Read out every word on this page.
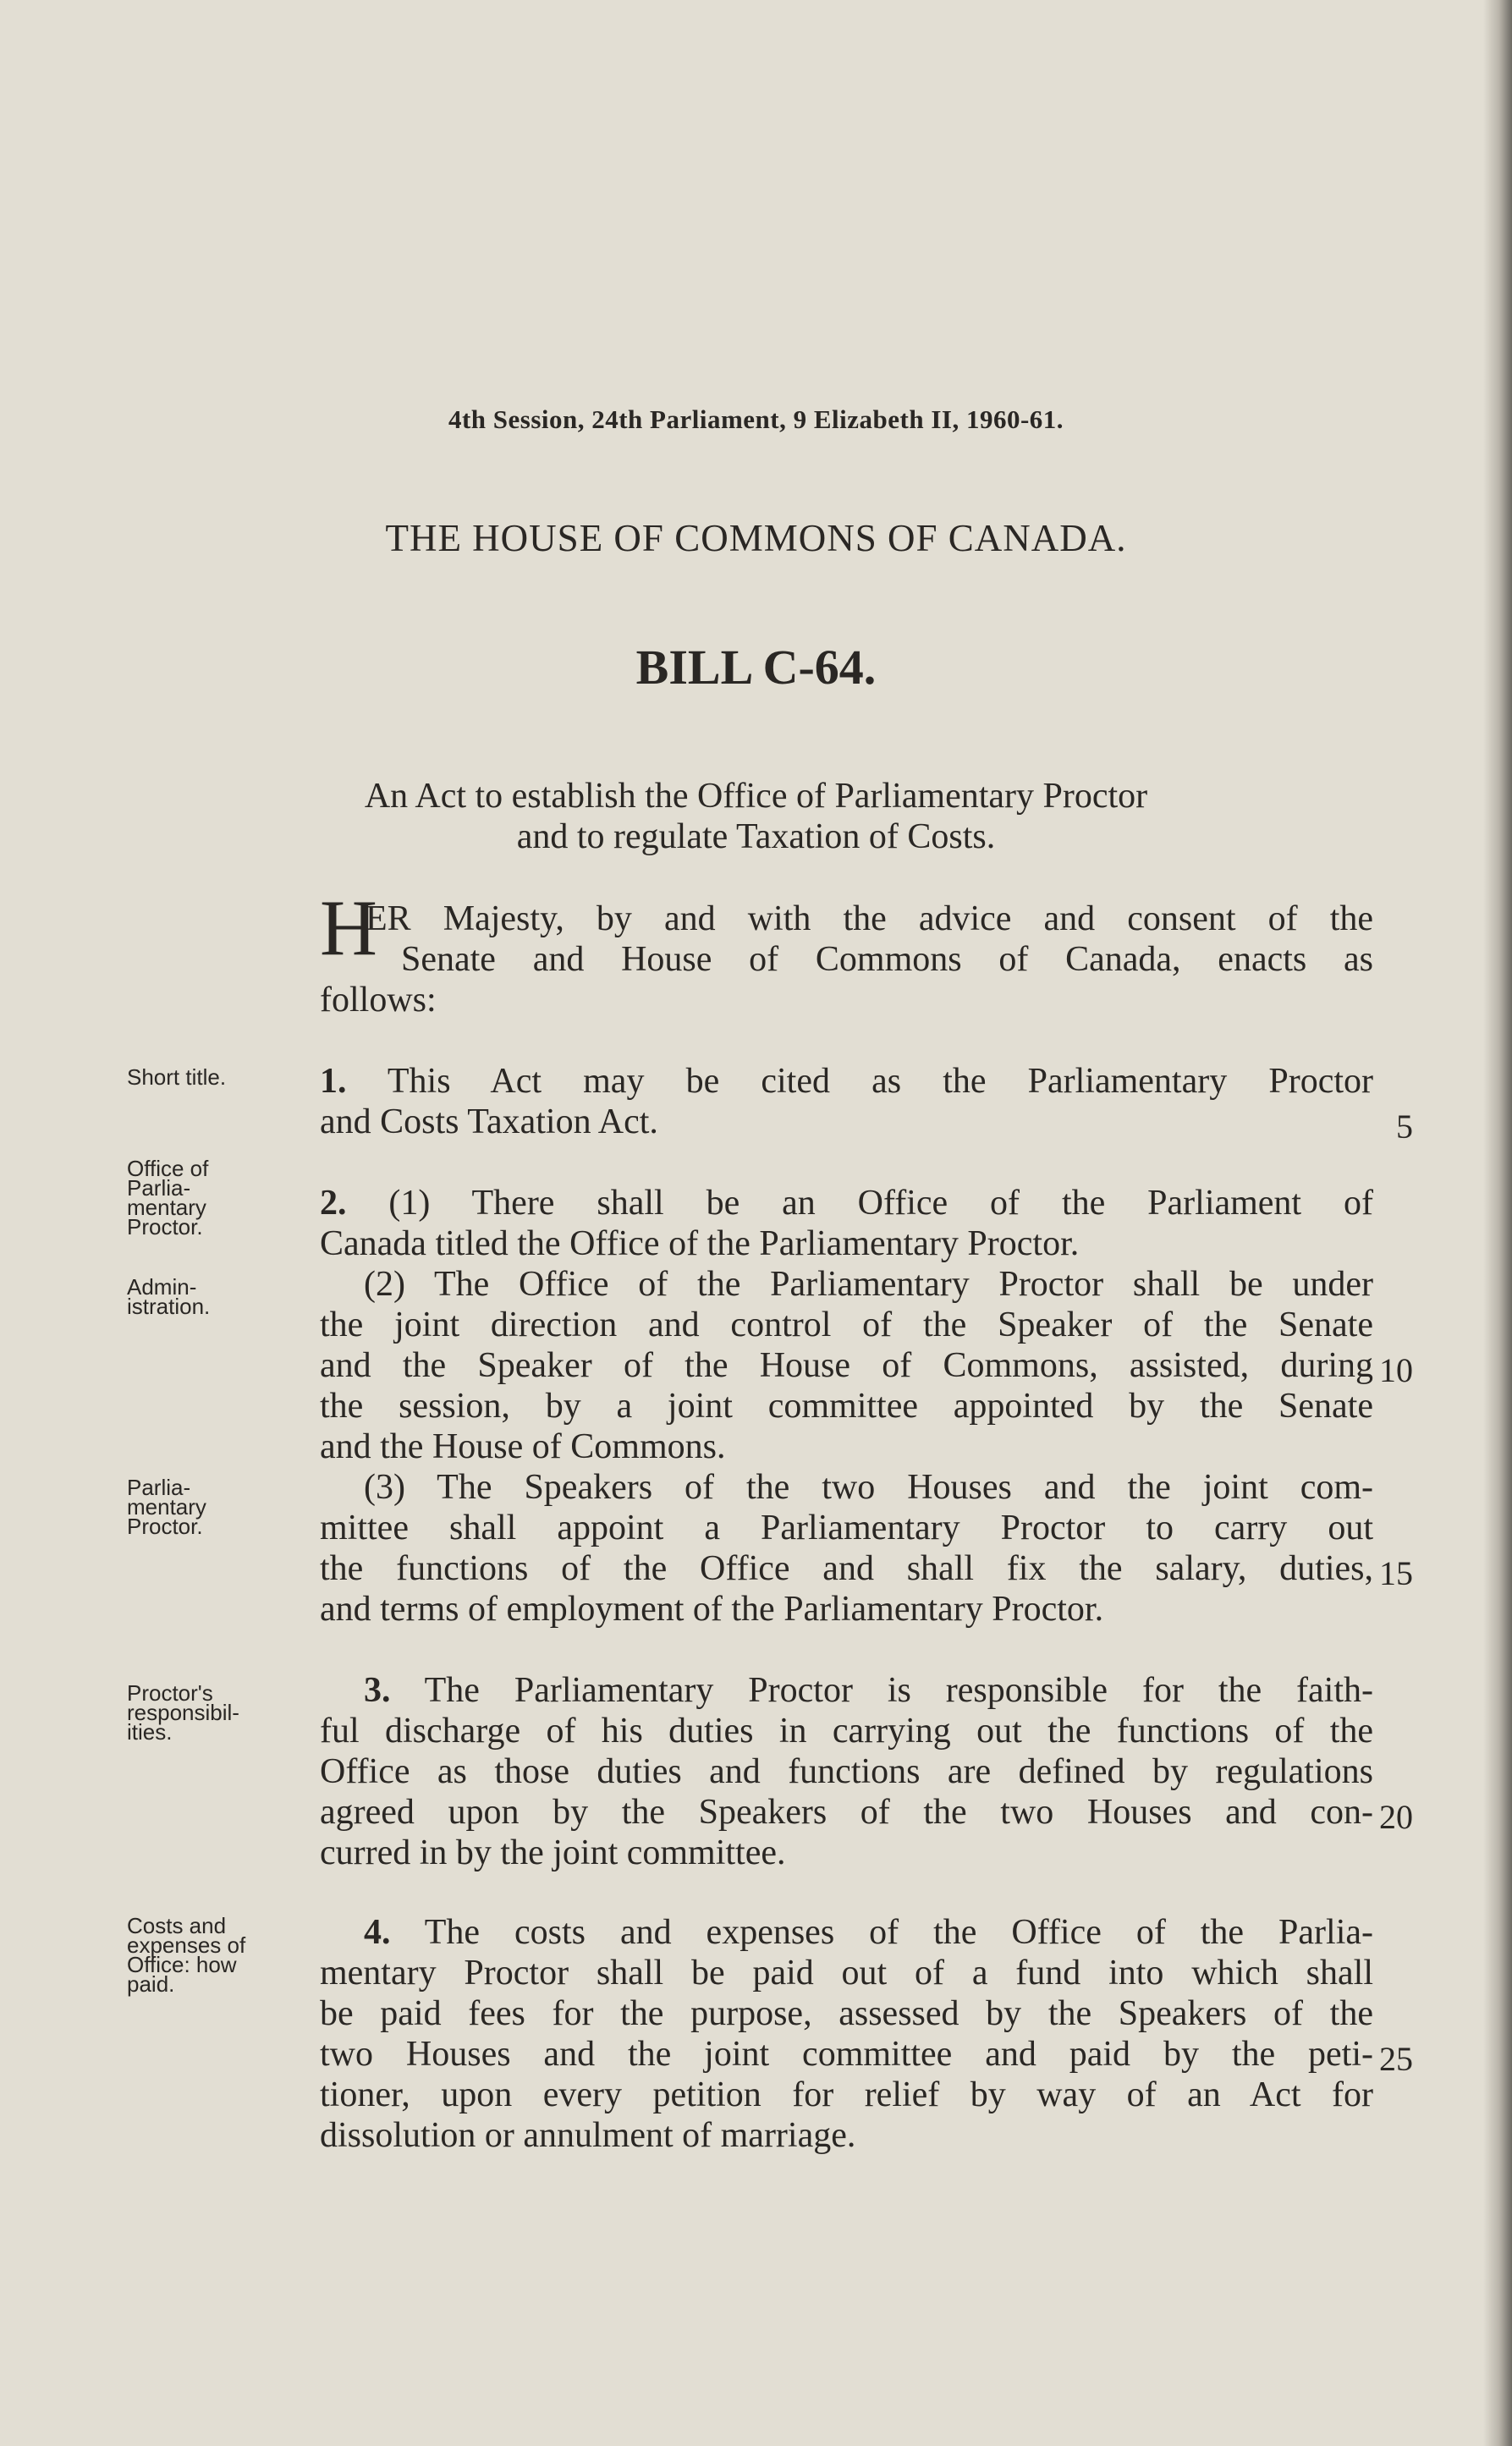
4th Session, 24th Parliament, 9 Elizabeth II, 1960-61.
THE HOUSE OF COMMONS OF CANADA.
BILL C-64.
An Act to establish the Office of Parliamentary Proctor
and to regulate Taxation of Costs.
H
ER Majesty, by and with the advice and consent of the
Senate and House of Commons of Canada, enacts as
follows:
Short title.
Office of
Parlia-
mentary
Proctor.
Admin-
istration.
Parlia-
mentary
Proctor.
Proctor's
responsibil-
ities.
Costs and
expenses of
Office: how
paid.
1. This Act may be cited as the Parliamentary Proctor
and Costs Taxation Act.
2. (1) There shall be an Office of the Parliament of
Canada titled the Office of the Parliamentary Proctor.
(2) The Office of the Parliamentary Proctor shall be under
the joint direction and control of the Speaker of the Senate
and the Speaker of the House of Commons, assisted, during
the session, by a joint committee appointed by the Senate
and the House of Commons.
(3) The Speakers of the two Houses and the joint com-
mittee shall appoint a Parliamentary Proctor to carry out
the functions of the Office and shall fix the salary, duties,
and terms of employment of the Parliamentary Proctor.
3. The Parliamentary Proctor is responsible for the faith-
ful discharge of his duties in carrying out the functions of the
Office as those duties and functions are defined by regulations
agreed upon by the Speakers of the two Houses and con-
curred in by the joint committee.
4. The costs and expenses of the Office of the Parlia-
mentary Proctor shall be paid out of a fund into which shall
be paid fees for the purpose, assessed by the Speakers of the
two Houses and the joint committee and paid by the peti-
tioner, upon every petition for relief by way of an Act for
dissolution or annulment of marriage.
5
10
15
20
25
